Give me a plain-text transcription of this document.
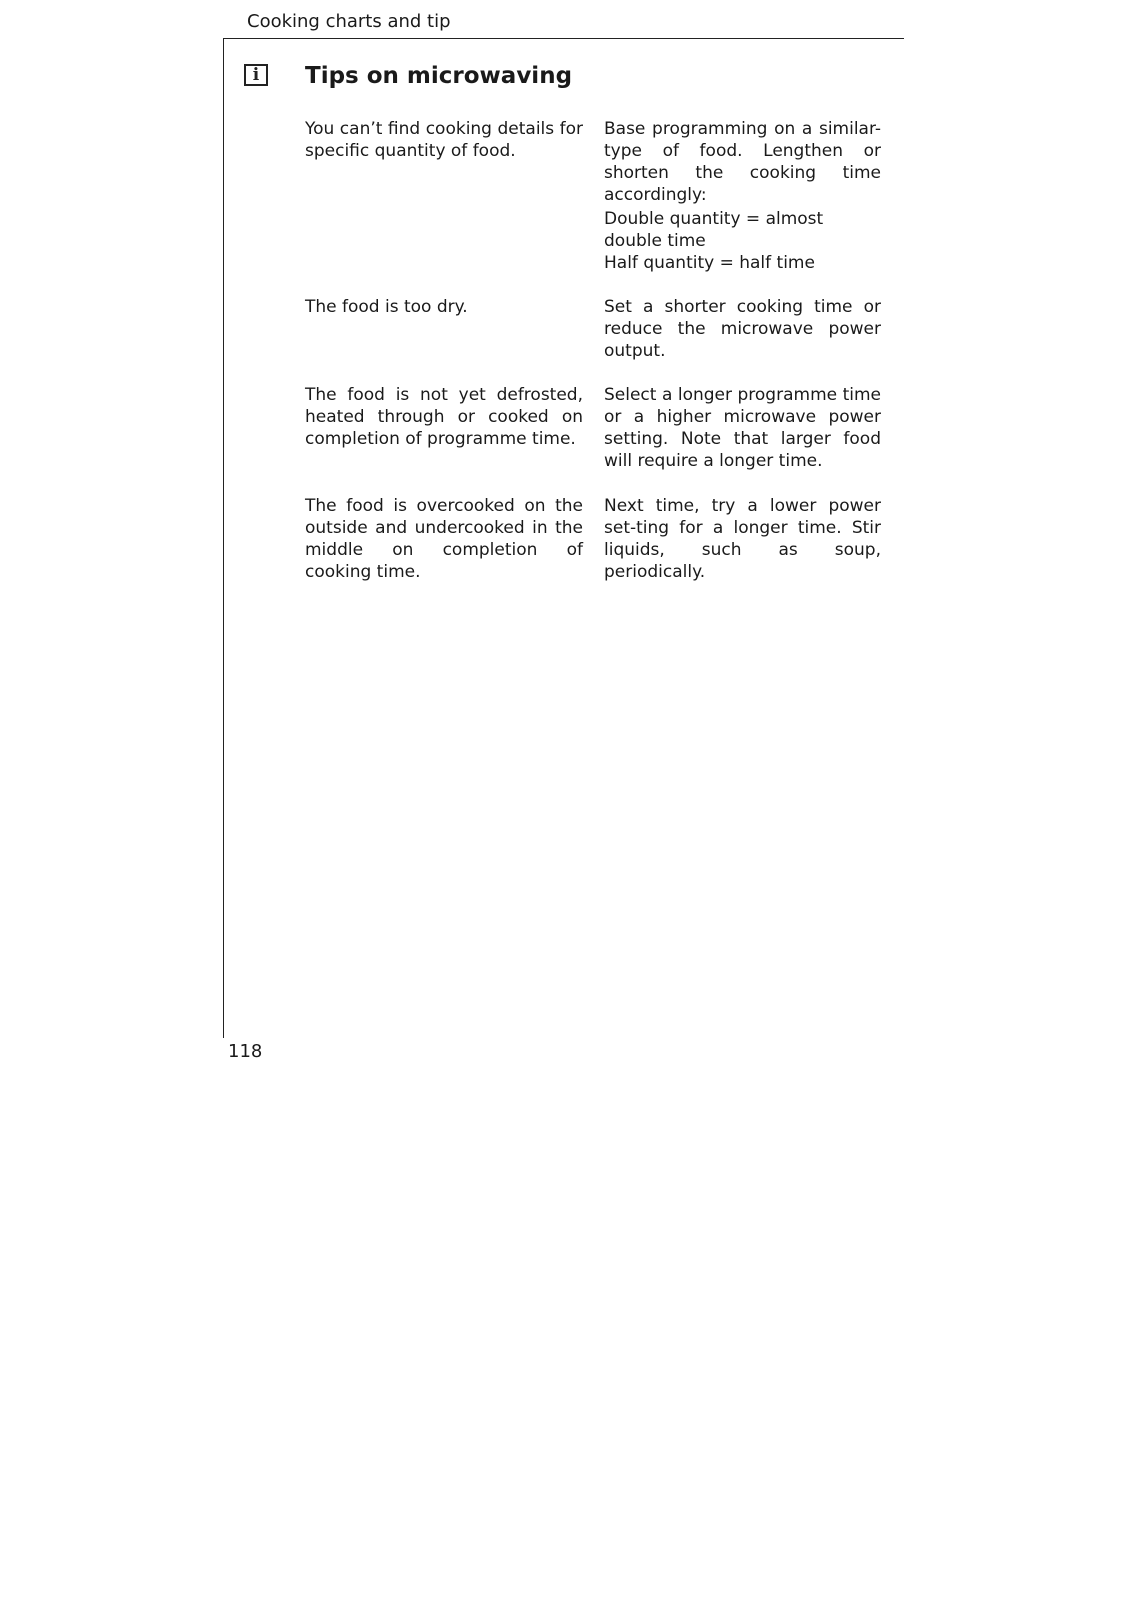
Cooking charts and tip
i	Tips on microwaving

You can’t find cooking details for specific quantity of food.

Base programming on a similar-type of food. Lengthen or shorten the cooking time accordingly:

Double quantity = almost double time

Half quantity = half time

The food is too dry.	Set a shorter cooking time or reduce the microwave power output.

The food is not yet defrosted, heated through or cooked on completion of programme time.

Select a longer programme time or a higher microwave power setting. Note that larger food will require a longer time.

The food is overcooked on the outside and undercooked in the middle on completion of cooking time.

Next time, try a lower power set-ting for a longer time. Stir liquids, such as soup, periodically.

118
